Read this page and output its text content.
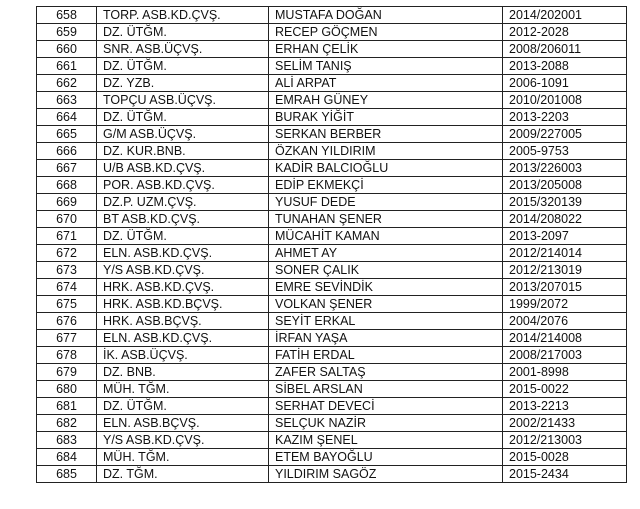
658	TORP. ASB.KD.ÇVŞ.	MUSTAFA DOĞAN	2014/202001
659	DZ. ÜTĞM.	RECEP GÖÇMEN	2012-2028
660	SNR. ASB.ÜÇVŞ.	ERHAN ÇELİK	2008/206011
661	DZ. ÜTĞM.	SELİM TANIŞ	2013-2088
662	DZ. YZB.	ALİ ARPAT	2006-1091
663	TOPÇU ASB.ÜÇVŞ.	EMRAH GÜNEY	2010/201008
664	DZ. ÜTĞM.	BURAK YİĞİT	2013-2203
665	G/M ASB.ÜÇVŞ.	SERKAN BERBER	2009/227005
666	DZ. KUR.BNB.	ÖZKAN YILDIRIM	2005-9753
667	U/B ASB.KD.ÇVŞ.	KADİR BALCIOĞLU	2013/226003
668	POR. ASB.KD.ÇVŞ.	EDİP EKMEKÇİ	2013/205008
669	DZ.P. UZM.ÇVŞ.	YUSUF DEDE	2015/320139
670	BT ASB.KD.ÇVŞ.	TUNAHAN ŞENER	2014/208022
671	DZ. ÜTĞM.	MÜCAHİT KAMAN	2013-2097
672	ELN. ASB.KD.ÇVŞ.	AHMET AY	2012/214014
673	Y/S ASB.KD.ÇVŞ.	SONER ÇALIK	2012/213019
674	HRK. ASB.KD.ÇVŞ.	EMRE SEVİNDİK	2013/207015
675	HRK. ASB.KD.BÇVŞ.	VOLKAN ŞENER	1999/2072
676	HRK. ASB.BÇVŞ.	SEYİT ERKAL	2004/2076
677	ELN. ASB.KD.ÇVŞ.	İRFAN YAŞA	2014/214008
678	İK. ASB.ÜÇVŞ.	FATİH ERDAL	2008/217003
679	DZ. BNB.	ZAFER SALTAŞ	2001-8998
680	MÜH. TĞM.	SİBEL ARSLAN	2015-0022
681	DZ. ÜTĞM.	SERHAT DEVECİ	2013-2213
682	ELN. ASB.BÇVŞ.	SELÇUK NAZİR	2002/21433
683	Y/S ASB.KD.ÇVŞ.	KAZIM ŞENEL	2012/213003
684	MÜH. TĞM.	ETEM BAYOĞLU	2015-0028
685	DZ. TĞM.	YILDIRIM SAGÖZ	2015-2434
